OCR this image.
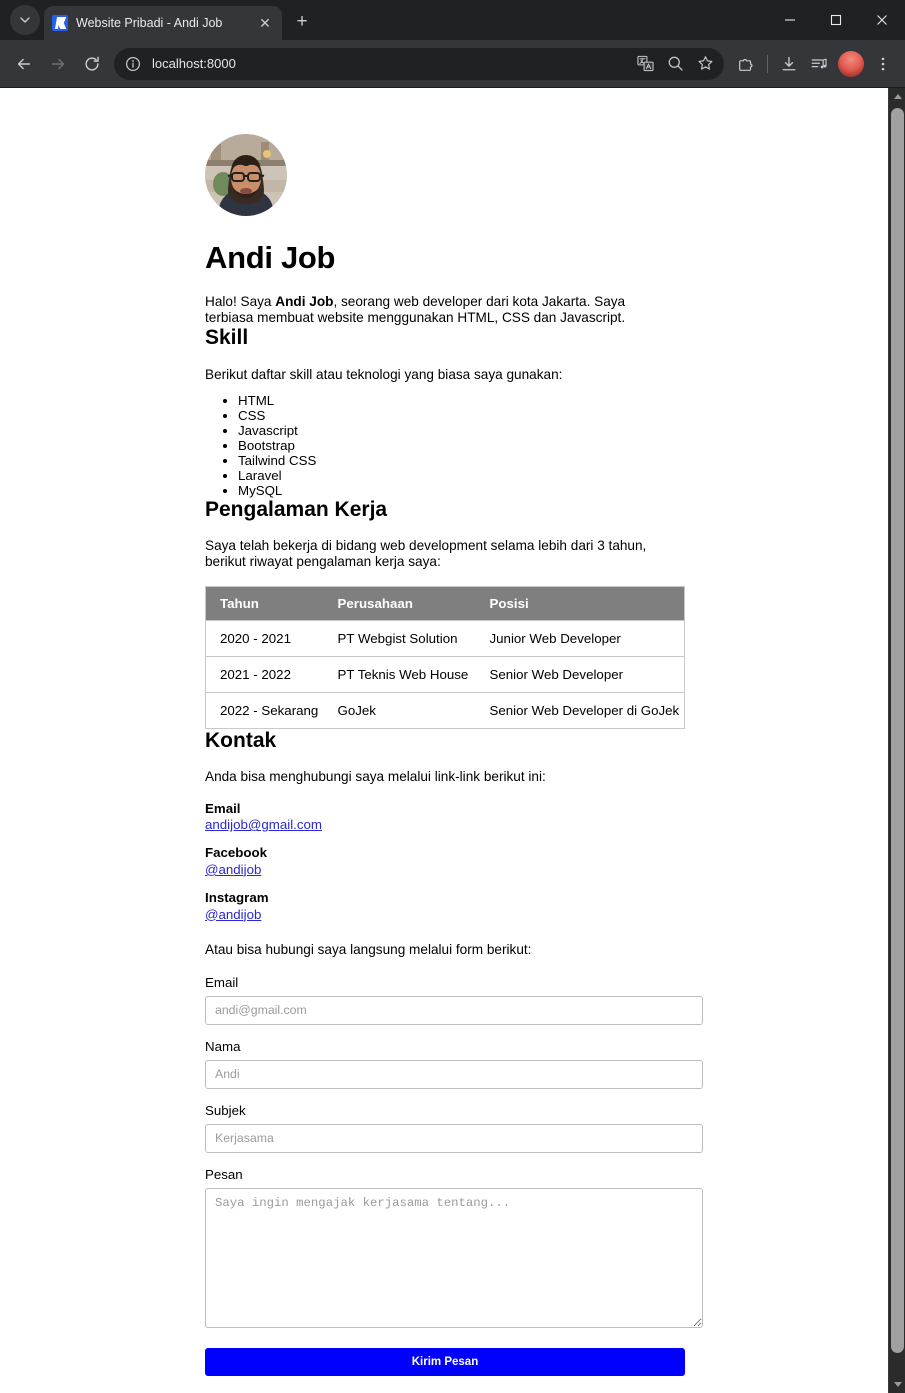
Website Pribadi - Andi Job	✕	+
localhost:8000
Andi Job

Halo! Saya Andi Job, seorang web developer dari kota Jakarta. Saya terbiasa membuat website menggunakan HTML, CSS dan Javascript.

Skill

Berikut daftar skill atau teknologi yang biasa saya gunakan:

• HTML
• CSS
• Javascript
• Bootstrap
• Tailwind CSS
• Laravel
• MySQL
Pengalaman Kerja

Saya telah bekerja di bidang web development selama lebih dari 3 tahun, berikut riwayat pengalaman kerja saya:

Tahun	Perusahaan	Posisi
2020 - 2021	PT Webgist Solution	Junior Web Developer
2021 - 2022	PT Teknis Web House	Senior Web Developer
2022 - Sekarang	GoJek	Senior Web Developer di GoJek
Kontak

Anda bisa menghubungi saya melalui link-link berikut ini:

Email
andijob@gmail.com
Facebook
@andijob
Instagram
@andijob

Atau bisa hubungi saya langsung melalui form berikut:

Email
andi@gmail.com
Nama
Andi
Subjek
Kerjasama
Pesan
Saya ingin mengajak kerjasama tentang...
Kirim Pesan
